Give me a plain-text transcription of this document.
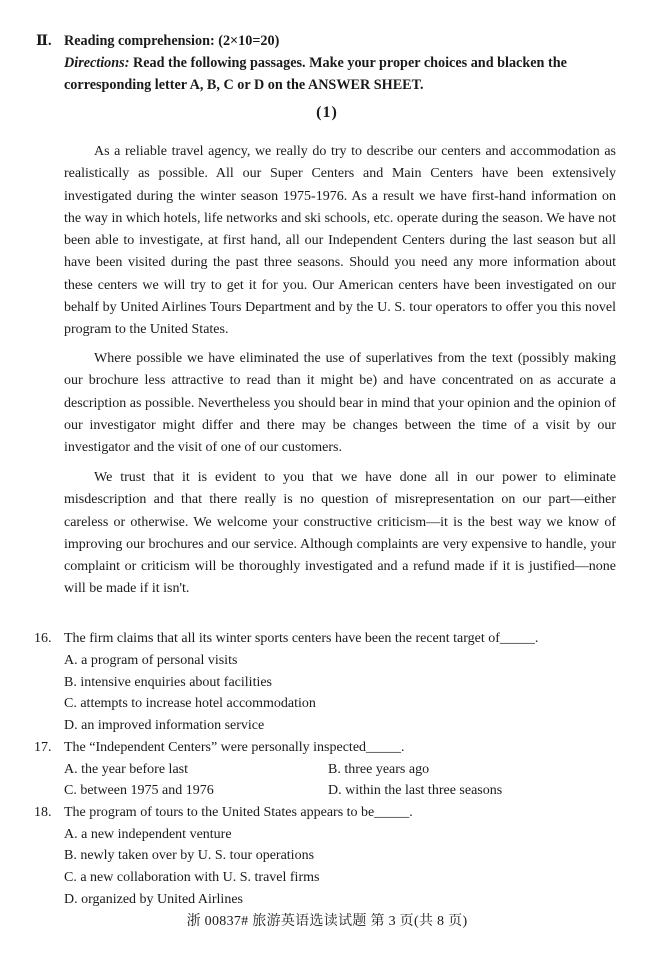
Ⅱ. Reading comprehension: (2×10=20)
Directions: Read the following passages. Make your proper choices and blacken the corresponding letter A, B, C or D on the ANSWER SHEET.
(1)

As a reliable travel agency, we really do try to describe our centers and accommodation as realistically as possible. All our Super Centers and Main Centers have been extensively investigated during the winter season 1975-1976. As a result we have first-hand information on the way in which hotels, life networks and ski schools, etc. operate during the season. We have not been able to investigate, at first hand, all our Independent Centers during the last season but all have been visited during the past three seasons. Should you need any more information about these centers we will try to get it for you. Our American centers have been investigated on our behalf by United Airlines Tours Department and by the U. S. tour operators to offer you this novel program to the United States.

Where possible we have eliminated the use of superlatives from the text (possibly making our brochure less attractive to read than it might be) and have concentrated on as accurate a description as possible. Nevertheless you should bear in mind that your opinion and the opinion of our investigator might differ and there may be changes between the time of a visit by our investigator and the visit of one of our customers.

We trust that it is evident to you that we have done all in our power to eliminate misdescription and that there really is no question of misrepresentation on our part—either careless or otherwise. We welcome your constructive criticism—it is the best way we know of improving our brochures and our service. Although complaints are very expensive to handle, your complaint or criticism will be thoroughly investigated and a refund made if it is justified—none will be made if it isn't.

16. The firm claims that all its winter sports centers have been the recent target of_____.
A. a program of personal visits
B. intensive enquiries about facilities
C. attempts to increase hotel accommodation
D. an improved information service
17. The “Independent Centers” were personally inspected_____.
A. the year before last	B. three years ago
C. between 1975 and 1976	D. within the last three seasons
18. The program of tours to the United States appears to be_____.
A. a new independent venture
B. newly taken over by U. S. tour operations
C. a new collaboration with U. S. travel firms
D. organized by United Airlines
浙 00837# 旅游英语选读试题 第 3 页(共 8 页)
